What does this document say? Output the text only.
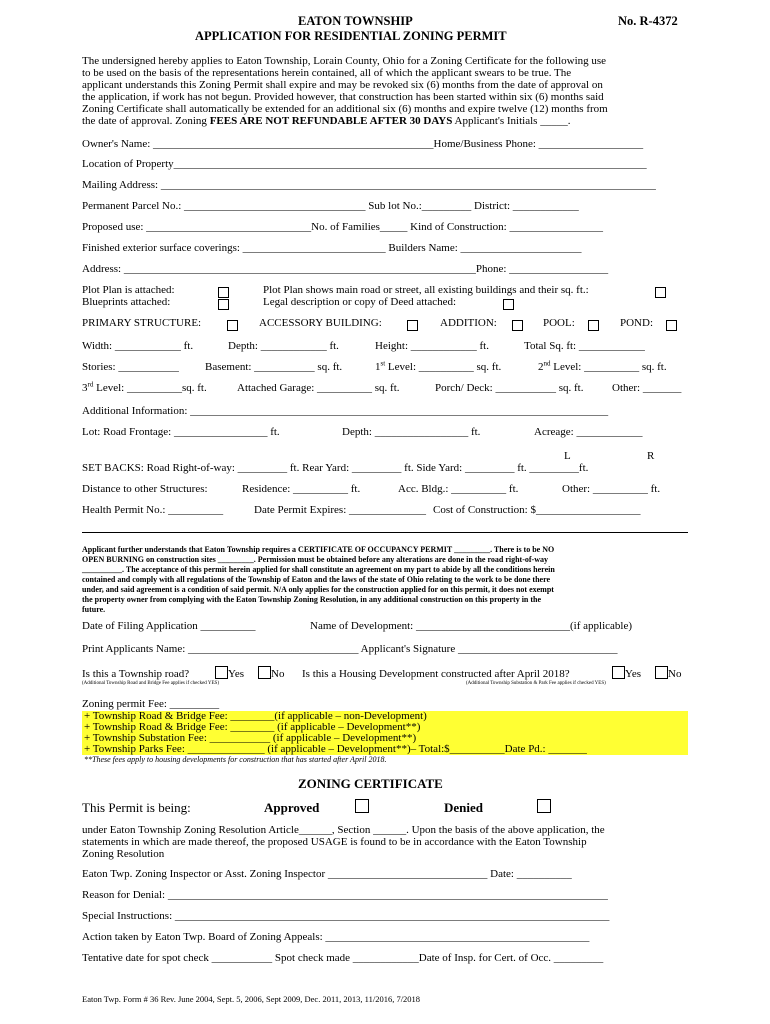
EATON TOWNSHIP	No. R-4372
APPLICATION FOR RESIDENTIAL ZONING PERMIT
The undersigned hereby applies to Eaton Township, Lorain County, Ohio for a Zoning Certificate for the following use
to be used on the basis of the representations herein contained, all of which the applicant swears to be true. The
applicant understands this Zoning Permit shall expire and may be revoked six (6) months from the date of approval on
the application, if work has not begun. Provided however, that construction has been started within six (6) months said
Zoning Certificate shall automatically be extended for an additional six (6) months and expire twelve (12) months from
the date of approval. Zoning FEES ARE NOT REFUNDABLE AFTER 30 DAYS Applicant's Initials _____.
Owner's Name: ___________________________________________________Home/Business Phone: ___________________
Location of Property______________________________________________________________________________________
Mailing Address: __________________________________________________________________________________________
Permanent Parcel No.: _________________________________ Sub lot No.:_________ District: ____________
Proposed use: ______________________________No. of Families_____ Kind of Construction: _________________
Finished exterior surface coverings: __________________________ Builders Name: ______________________
Address: ________________________________________________________________Phone: __________________
Plot Plan is attached:
Blueprints attached:
Plot Plan shows main road or street, all existing buildings and their sq. ft.:
Legal description or copy of Deed attached:
PRIMARY STRUCTURE:	ACCESSORY BUILDING:	ADDITION:	POOL:	POND:
Width: ____________ ft.	Depth: ____________ ft.	Height: ____________ ft.	Total Sq. ft: ____________
Stories: ___________ Basement: ___________ sq. ft.	1st Level: __________ sq. ft.	2nd Level: __________ sq. ft.
3rd Level: __________sq. ft.	Attached Garage: __________ sq. ft.	Porch/ Deck: ___________ sq. ft.	Other: _______
Additional Information: ____________________________________________________________________________
Lot: Road Frontage: _________________ ft.	Depth: _________________ ft.	Acreage: ____________
L	R
SET BACKS: Road Right-of-way: _________ ft. Rear Yard: _________ ft. Side Yard: _________ ft. _________ft.
Distance to other Structures:	Residence: __________ ft.	Acc. Bldg.: __________ ft.	Other: __________ ft.
Health Permit No.: __________	Date Permit Expires: ______________ Cost of Construction: $___________________
Applicant further understands that Eaton Township requires a CERTIFICATE OF OCCUPANCY PERMIT _________. There is to be NO
OPEN BURNING on construction sites _________. Permission must be obtained before any alterations are done in the road right-of-way
__________. The acceptance of this permit herein applied for shall constitute an agreement on my part to abide by all the conditions herein
contained and comply with all regulations of the Township of Eaton and the laws of the state of Ohio relating to the work to be done there
under, and said agreement is a condition of said permit. N/A only applies for the construction applied for on this permit, it does not exempt
the property owner from complying with the Eaton Township Zoning Resolution, in any additional construction on this property in the
future.
Date of Filing Application __________	Name of Development: ____________________________(if applicable)
Print Applicants Name: _______________________________ Applicant's Signature _____________________________
Is this a Township road?	Yes	No Is this a Housing Development constructed after April 2018?	Yes	No
(Additional Township Road and Bridge Fee applies if checked YES)	(Additional Township Substation & Park Fee applies if checked YES)
Zoning permit Fee: _________
+ Township Road & Bridge Fee: ________(if applicable – non-Development)
+ Township Road & Bridge Fee: ________ (if applicable – Development**)
+ Township Substation Fee: ___________ (if applicable – Development**)
+ Township Parks Fee: ______________ (if applicable – Development**)– Total:$__________Date Pd.: _______
**These fees apply to housing developments for construction that has started after April 2018.
ZONING CERTIFICATE
This Permit is being:	Approved	Denied
under Eaton Township Zoning Resolution Article______, Section ______. Upon the basis of the above application, the
statements in which are made thereof, the proposed USAGE is found to be in accordance with the Eaton Township
Zoning Resolution
Eaton Twp. Zoning Inspector or Asst. Zoning Inspector _____________________________ Date: __________
Reason for Denial: ________________________________________________________________________________
Special Instructions: _______________________________________________________________________________
Action taken by Eaton Twp. Board of Zoning Appeals: ________________________________________________
Tentative date for spot check ___________ Spot check made ____________Date of Insp. for Cert. of Occ. _________
Eaton Twp. Form # 36 Rev. June 2004, Sept. 5, 2006, Sept 2009, Dec. 2011, 2013, 11/2016, 7/2018
